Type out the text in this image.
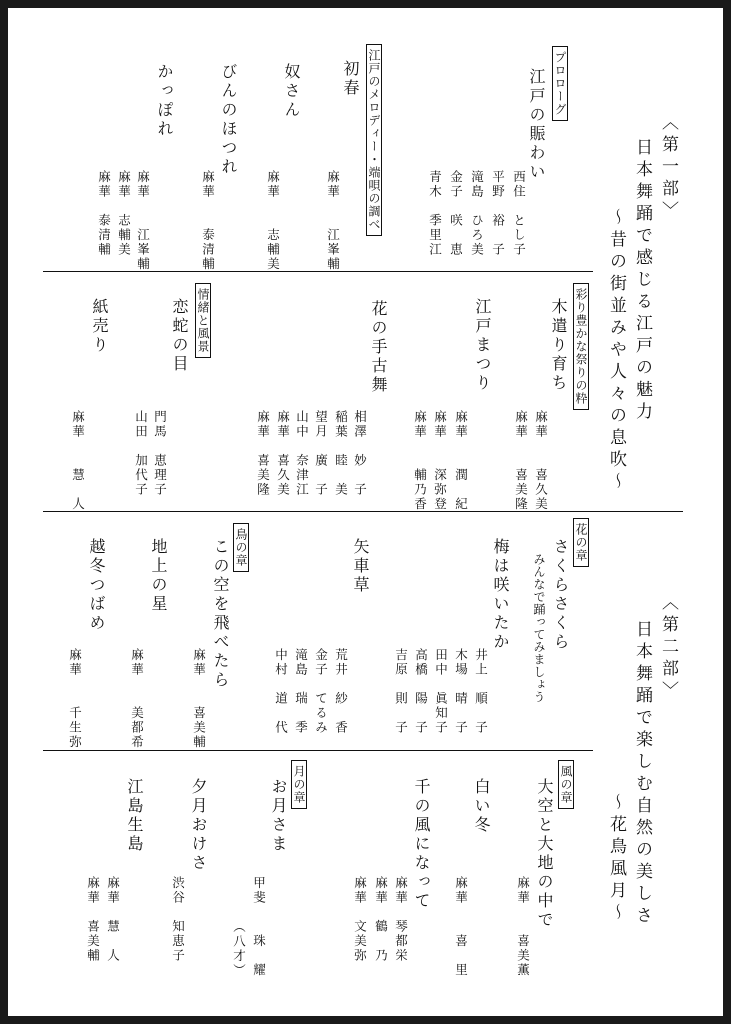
〈第一部〉
日本舞踊で感じる江戸の魅力
〜昔の街並みや人々の息吹〜
プロローグ
江戸の賑わい
西住　とし子
平野　裕　子
滝島　ひろ美
金子　咲　恵
青木　季里江
江戸のメロディー・端唄の調べ
初春
麻華　　江峯輔
奴さん
麻華　　志輔美
びんのほつれ
麻華　　泰清輔
かっぽれ
麻華　　江峯輔
麻華　志輔美
麻華　泰清輔
彩り豊かな祭りの粋
木遣り育ち
麻華　　喜久美
麻華　　喜美隆
江戸まつり
麻華　　潤　紀
麻華　　深弥登
麻華　　輔乃香
花の手古舞
相澤　妙　子
稲葉　睦　美
望月　廣　子
山中　奈津江
麻華　喜久美
麻華　喜美隆
情緒と風景
恋蛇の目
門馬　恵理子
山田　加代子
紙売り
麻華　　慧　人
〈第二部〉
日本舞踊で楽しむ自然の美しさ
〜花鳥風月〜
花の章
さくらさくら
みんなで踊ってみましょう
梅は咲いたか
井上　順　子
木場　晴　子
田中　眞知子
高橋　陽　子
吉原　則　子
矢車草
荒井　紗　香
金子　てるみ
滝島　瑞　季
中村　道　代
鳥の章
この空を飛べたら
麻華　　喜美輔
地上の星
麻華　　美都希
越冬つばめ
麻華　　千生弥
風の章
大空と大地の中で
麻華　　喜美薫
白い冬
麻華　　喜　里
千の風になって
麻華　琴都栄
麻華　鶴　乃
麻華　文美弥
月の章
お月さま
甲斐　　珠　耀
（八才）
夕月おけさ
渋谷　知恵子
江島生島
麻華　慧　人
麻華　喜美輔
